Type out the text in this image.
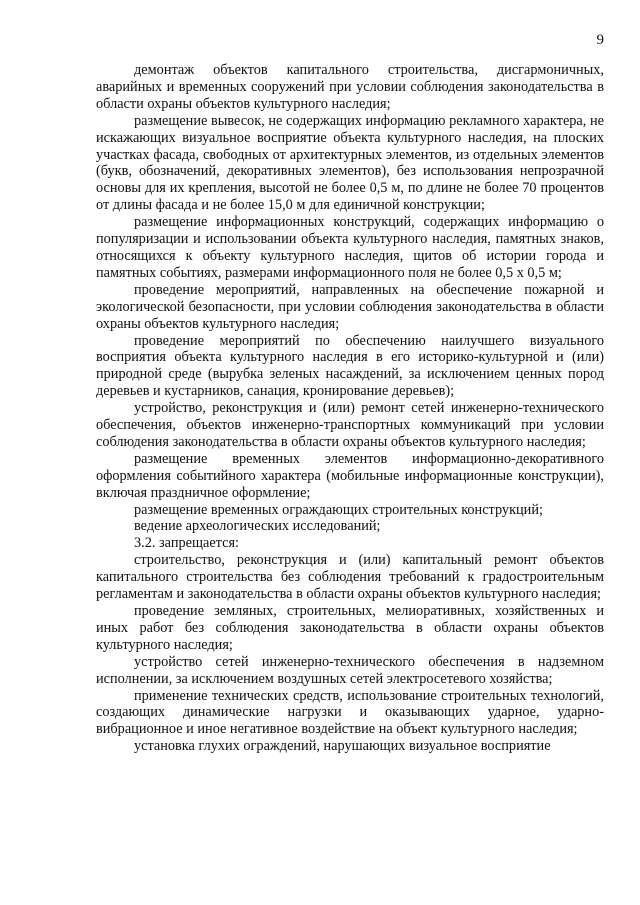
9

демонтаж объектов капитального строительства, дисгармоничных, аварийных и временных сооружений при условии соблюдения законодательства в области охраны объектов культурного наследия;

размещение вывесок, не содержащих информацию рекламного характера, не искажающих визуальное восприятие объекта культурного наследия, на плоских участках фасада, свободных от архитектурных элементов, из отдельных элементов (букв, обозначений, декоративных элементов), без использования непрозрачной основы для их крепления, высотой не более 0,5 м, по длине не более 70 процентов от длины фасада и не более 15,0 м для единичной конструкции;

размещение информационных конструкций, содержащих информацию о популяризации и использовании объекта культурного наследия, памятных знаков, относящихся к объекту культурного наследия, щитов об истории города и памятных событиях, размерами информационного поля не более 0,5 х 0,5 м;

проведение мероприятий, направленных на обеспечение пожарной и экологической безопасности, при условии соблюдения законодательства в области охраны объектов культурного наследия;

проведение мероприятий по обеспечению наилучшего визуального восприятия объекта культурного наследия в его историко-культурной и (или) природной среде (вырубка зеленых насаждений, за исключением ценных пород деревьев и кустарников, санация, кронирование деревьев);

устройство, реконструкция и (или) ремонт сетей инженерно-технического обеспечения, объектов инженерно-транспортных коммуникаций при условии соблюдения законодательства в области охраны объектов культурного наследия;

размещение временных элементов информационно-декоративного оформления событийного характера (мобильные информационные конструкции), включая праздничное оформление;

размещение временных ограждающих строительных конструкций;

ведение археологических исследований;

3.2. запрещается:

строительство, реконструкция и (или) капитальный ремонт объектов капитального строительства без соблюдения требований к градостроительным регламентам и законодательства в области охраны объектов культурного наследия;

проведение земляных, строительных, мелиоративных, хозяйственных и иных работ без соблюдения законодательства в области охраны объектов культурного наследия;

устройство сетей инженерно-технического обеспечения в надземном исполнении, за исключением воздушных сетей электросетевого хозяйства;

применение технических средств, использование строительных технологий, создающих динамические нагрузки и оказывающих ударное, ударно-вибрационное и иное негативное воздействие на объект культурного наследия;

установка глухих ограждений, нарушающих визуальное восприятие
